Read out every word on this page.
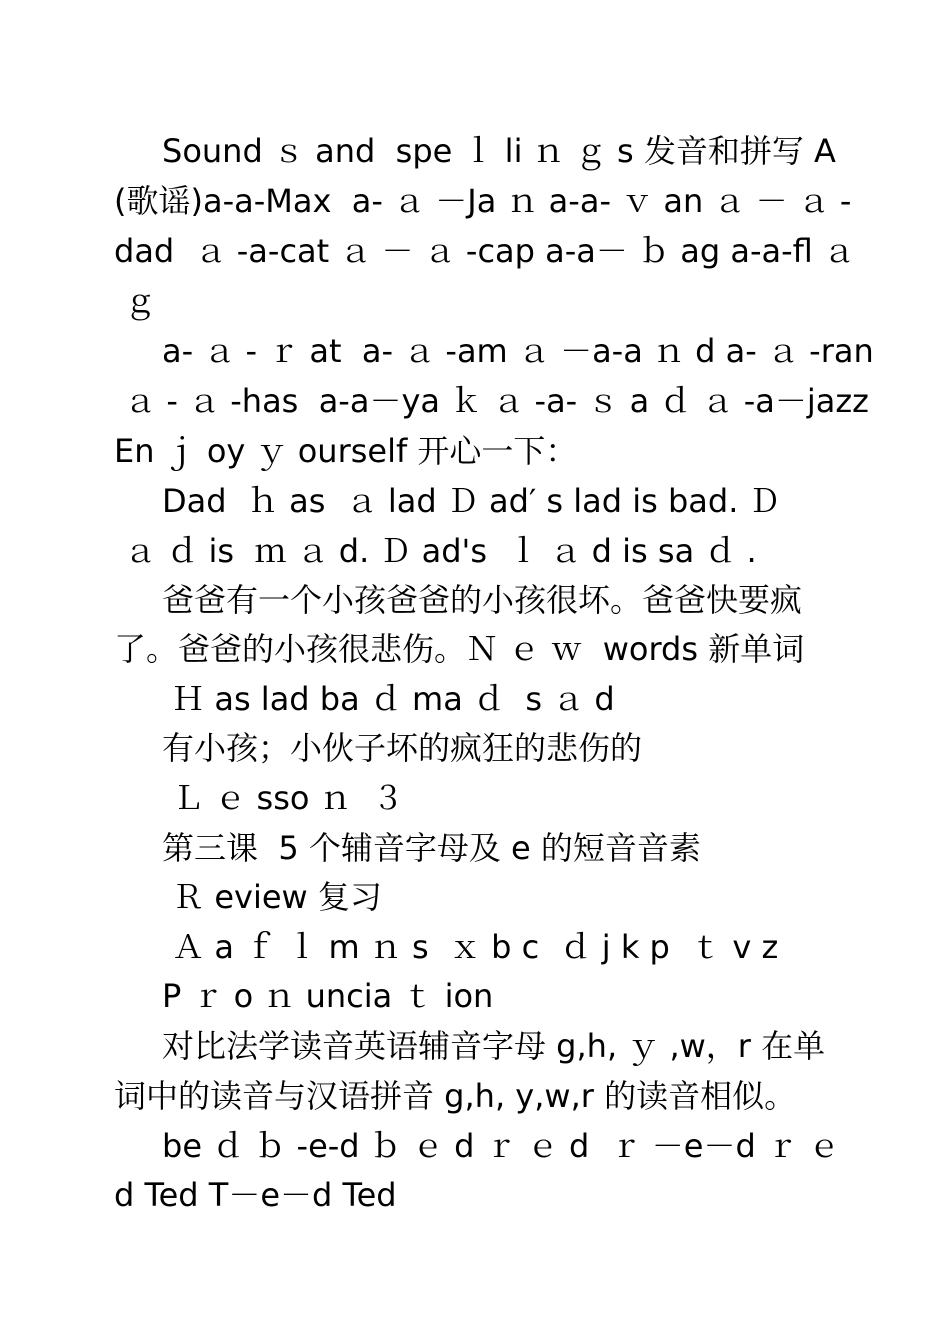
Sound ｓ and  spe ｌ li ｎ ｇ s 发音和拼写 A
(歌谣)a-a-Max  a- ａ －Ja ｎ a-a- ｖ an ａ － ａ -
dad  ａ -a-cat ａ － ａ -cap a-a－ ｂ ag a-a-fl ａ
ｇ
a- ａ - ｒ at  a- ａ -am ａ －a-a ｎ d a- ａ -ran
ａ - ａ -has  a-a－ya ｋ ａ -a- ｓ a ｄ ａ -a－jazz
En ｊ oy ｙ ourself 开心一下：
Dad  ｈ as  ａ lad Ｄ ad′ s lad is bad. Ｄ
ａ ｄ is  ｍ ａ d. Ｄ ad's  ｌ ａ d is sa ｄ .
爸爸有一个小孩爸爸的小孩很坏。爸爸快要疯
了。爸爸的小孩很悲伤。Ｎ ｅ ｗ  words 新单词
Ｈ as lad ba ｄ ma ｄ  s ａ d
有小孩；小伙子坏的疯狂的悲伤的
Ｌ ｅ sso ｎ  ３
第三课  5 个辅音字母及 e 的短音音素
Ｒ eview 复习
Ａ a ｆ ｌ m ｎ s  ｘ b c  ｄ j k p  ｔ v z
P ｒ o ｎ uncia ｔ ion
对比法学读音英语辅音字母 g,h, ｙ ,w，r 在单
词中的读音与汉语拼音 g,h, y,w,r 的读音相似。
be ｄ ｂ -e-d ｂ ｅ d ｒ ｅ d  ｒ －e－d ｒ ｅ
d Ted T－e－d Ted
